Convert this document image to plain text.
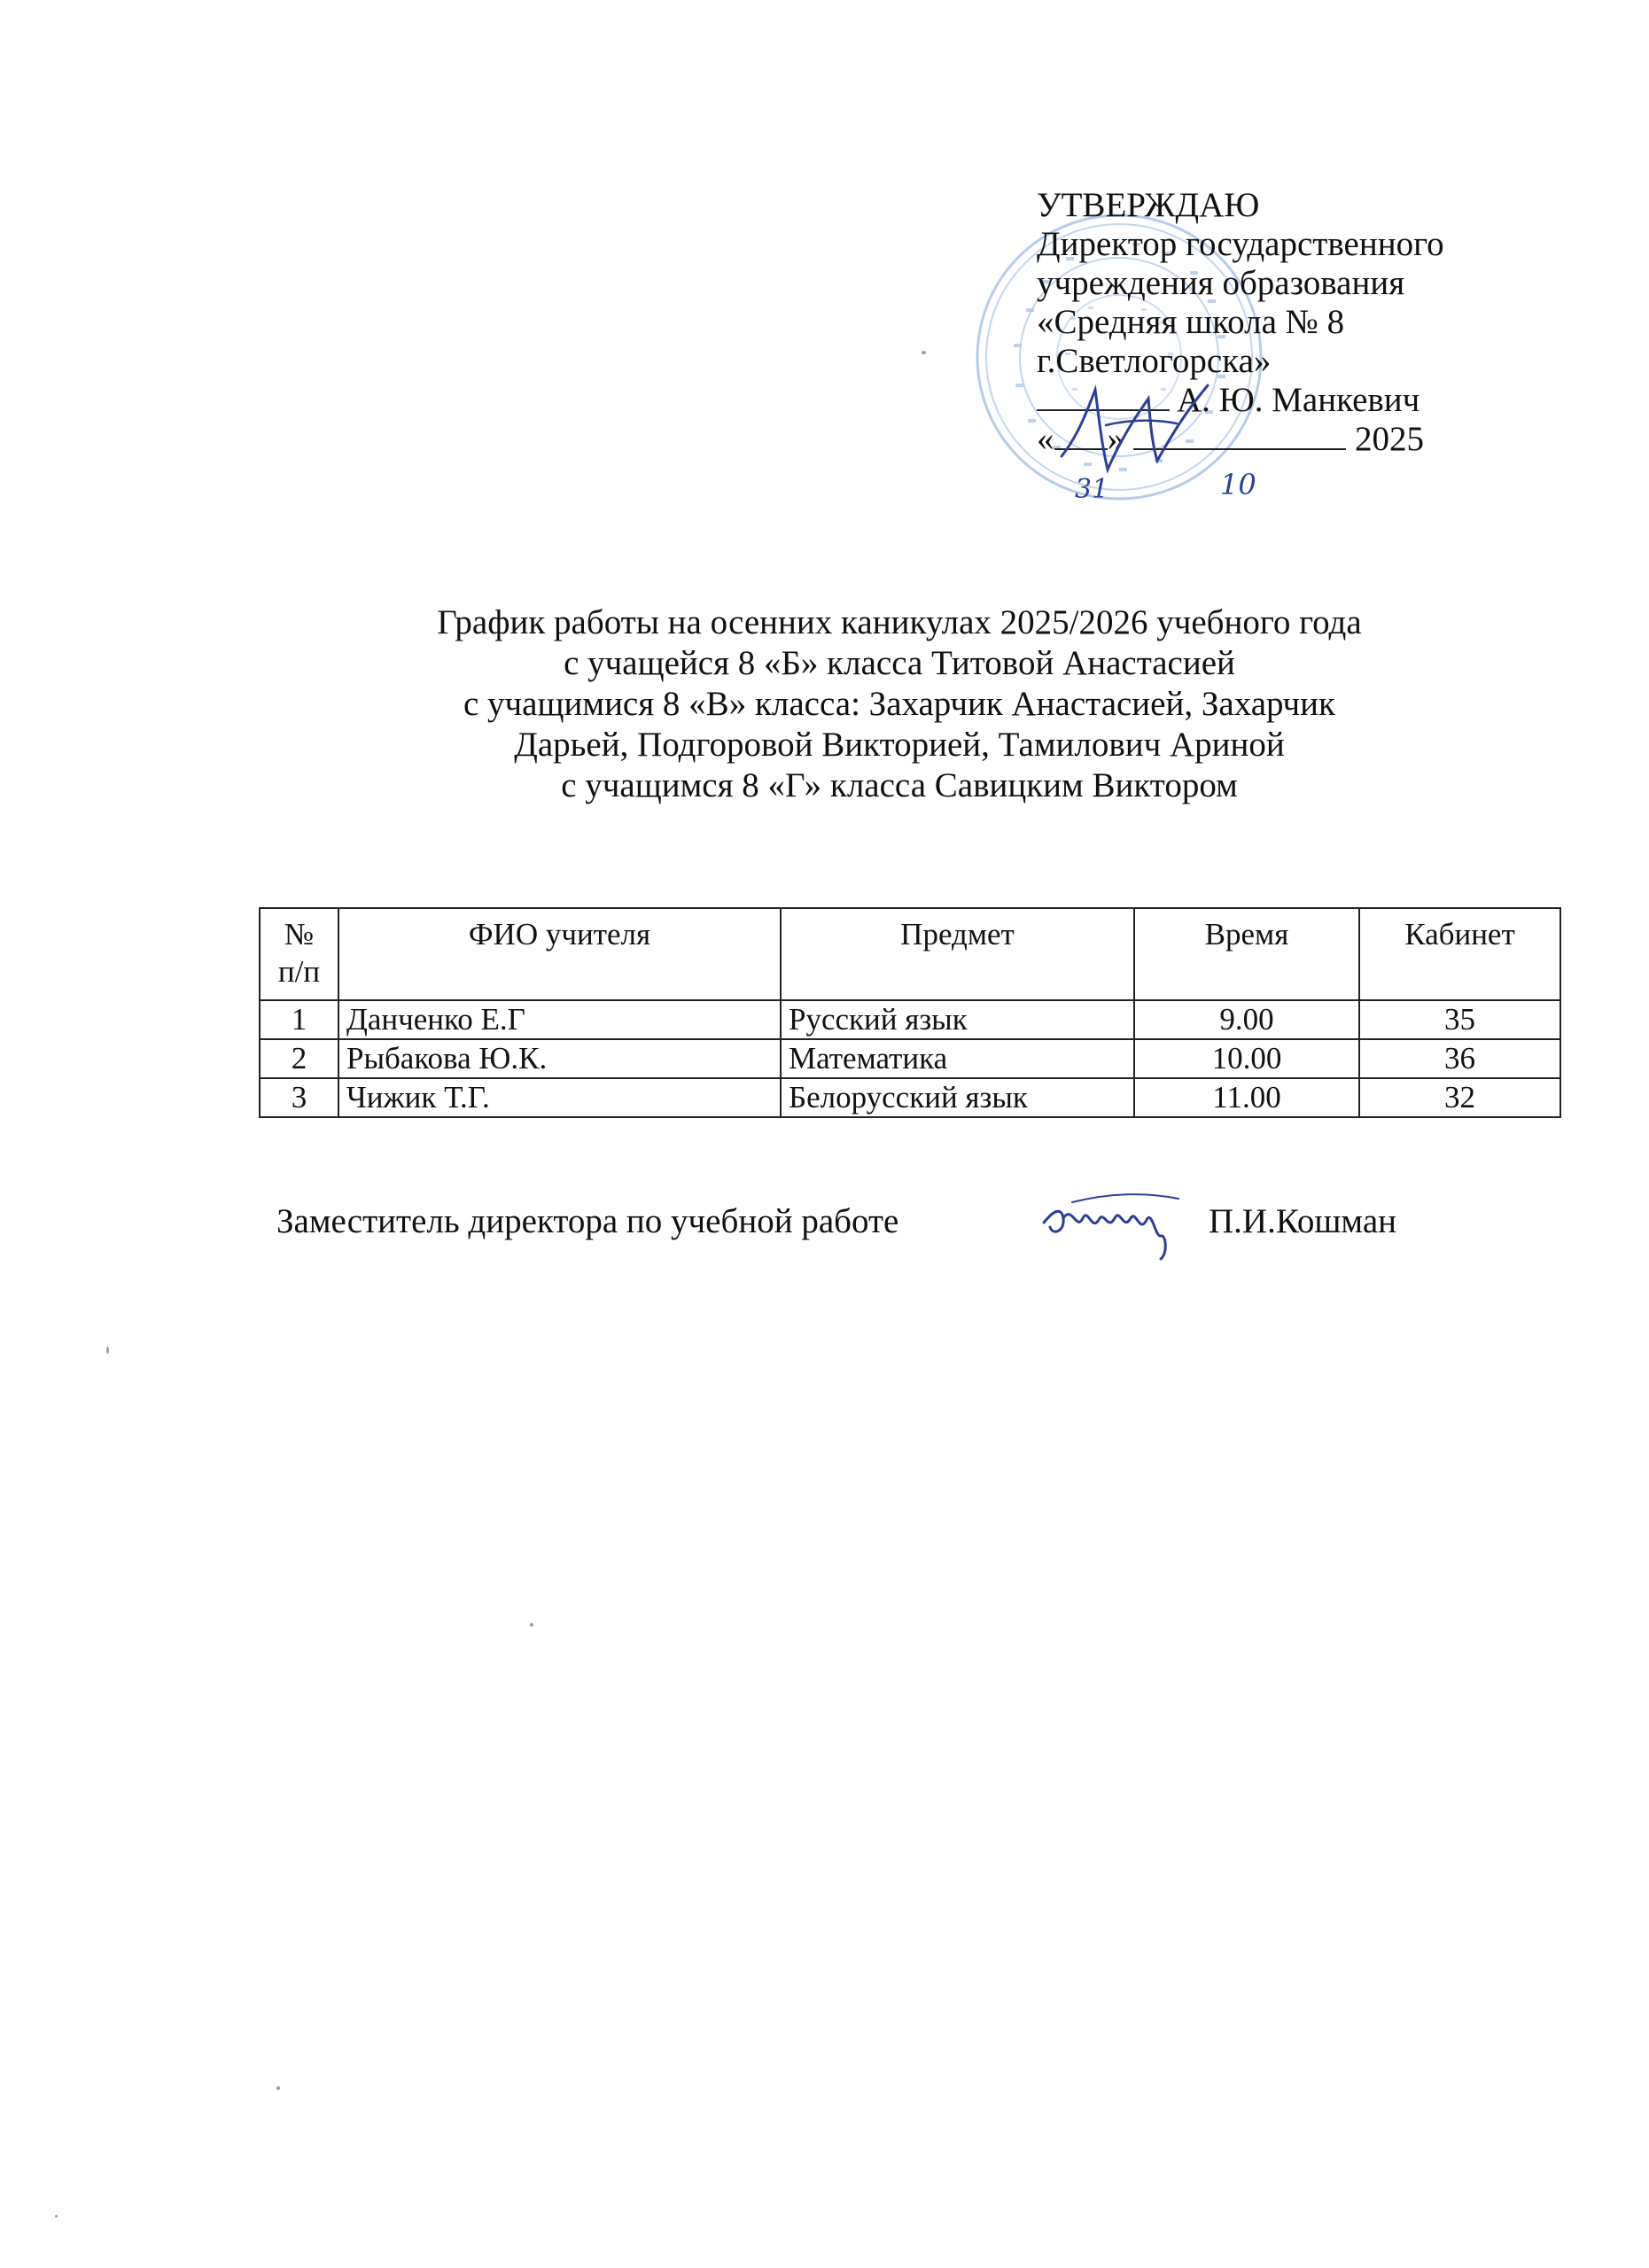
УТВЕРЖДАЮ
Директор государственного
учреждения образования
«Средняя школа № 8
г.Светлогорска»
А. Ю. Манкевич
« »	2025
31	10
График работы на осенних каникулах 2025/2026 учебного года
с учащейся 8 «Б» класса Титовой Анастасией
с учащимися 8 «В» класса: Захарчик Анастасией, Захарчик
Дарьей, Подгоровой Викторией, Тамилович Ариной
с учащимся 8 «Г» класса Савицким Виктором
№
п/п	ФИО учителя	Предмет	Время	Кабинет
1	Данченко Е.Г	Русский язык	9.00	35
2	Рыбакова Ю.К.	Математика	10.00	36
3	Чижик Т.Г.	Белорусский язык	11.00	32
Заместитель директора по учебной работе	П.И.Кошман
